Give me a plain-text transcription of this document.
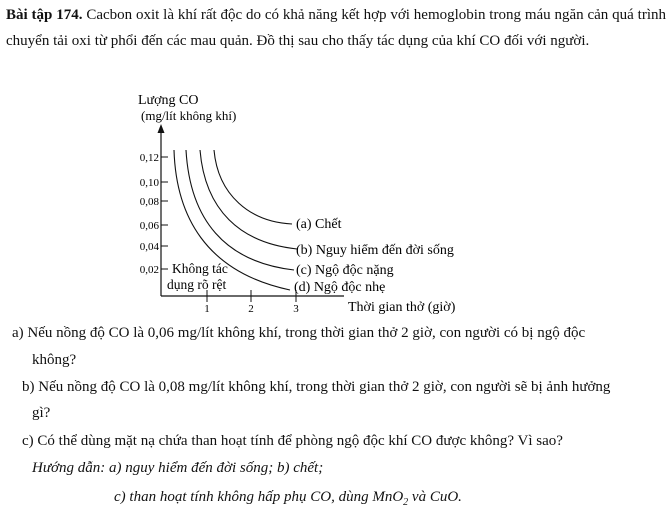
Bài tập 174. Cacbon oxit là khí rất độc do có khả năng kết hợp với hemoglobin trong máu ngăn cản quá trình chuyển tải oxi từ phổi đến các mau quản. Đồ thị sau cho thấy tác dụng của khí CO đối với người.
Lượng CO
(mg/lít không khí)
0,12
0,10
0,08
0,06
0,04
0,02
1	2	3	Thời gian thở (giờ)
(a) Chết
(b) Nguy hiểm đến đời sống
(c) Ngộ độc nặng
(d) Ngộ độc nhẹ
Không tác
dụng rõ rệt
a) Nếu nồng độ CO là 0,06 mg/lít không khí, trong thời gian thở 2 giờ, con người có bị ngộ độc
không?
b) Nếu nồng độ CO là 0,08 mg/lít không khí, trong thời gian thở 2 giờ, con người sẽ bị ảnh hưởng
gì?
c) Có thể dùng mặt nạ chứa than hoạt tính để phòng ngộ độc khí CO được không? Vì sao?
Hướng dẫn: a) nguy hiểm đến đời sống; b) chết;
c) than hoạt tính không hấp phụ CO, dùng MnO$_2$ và CuO.
